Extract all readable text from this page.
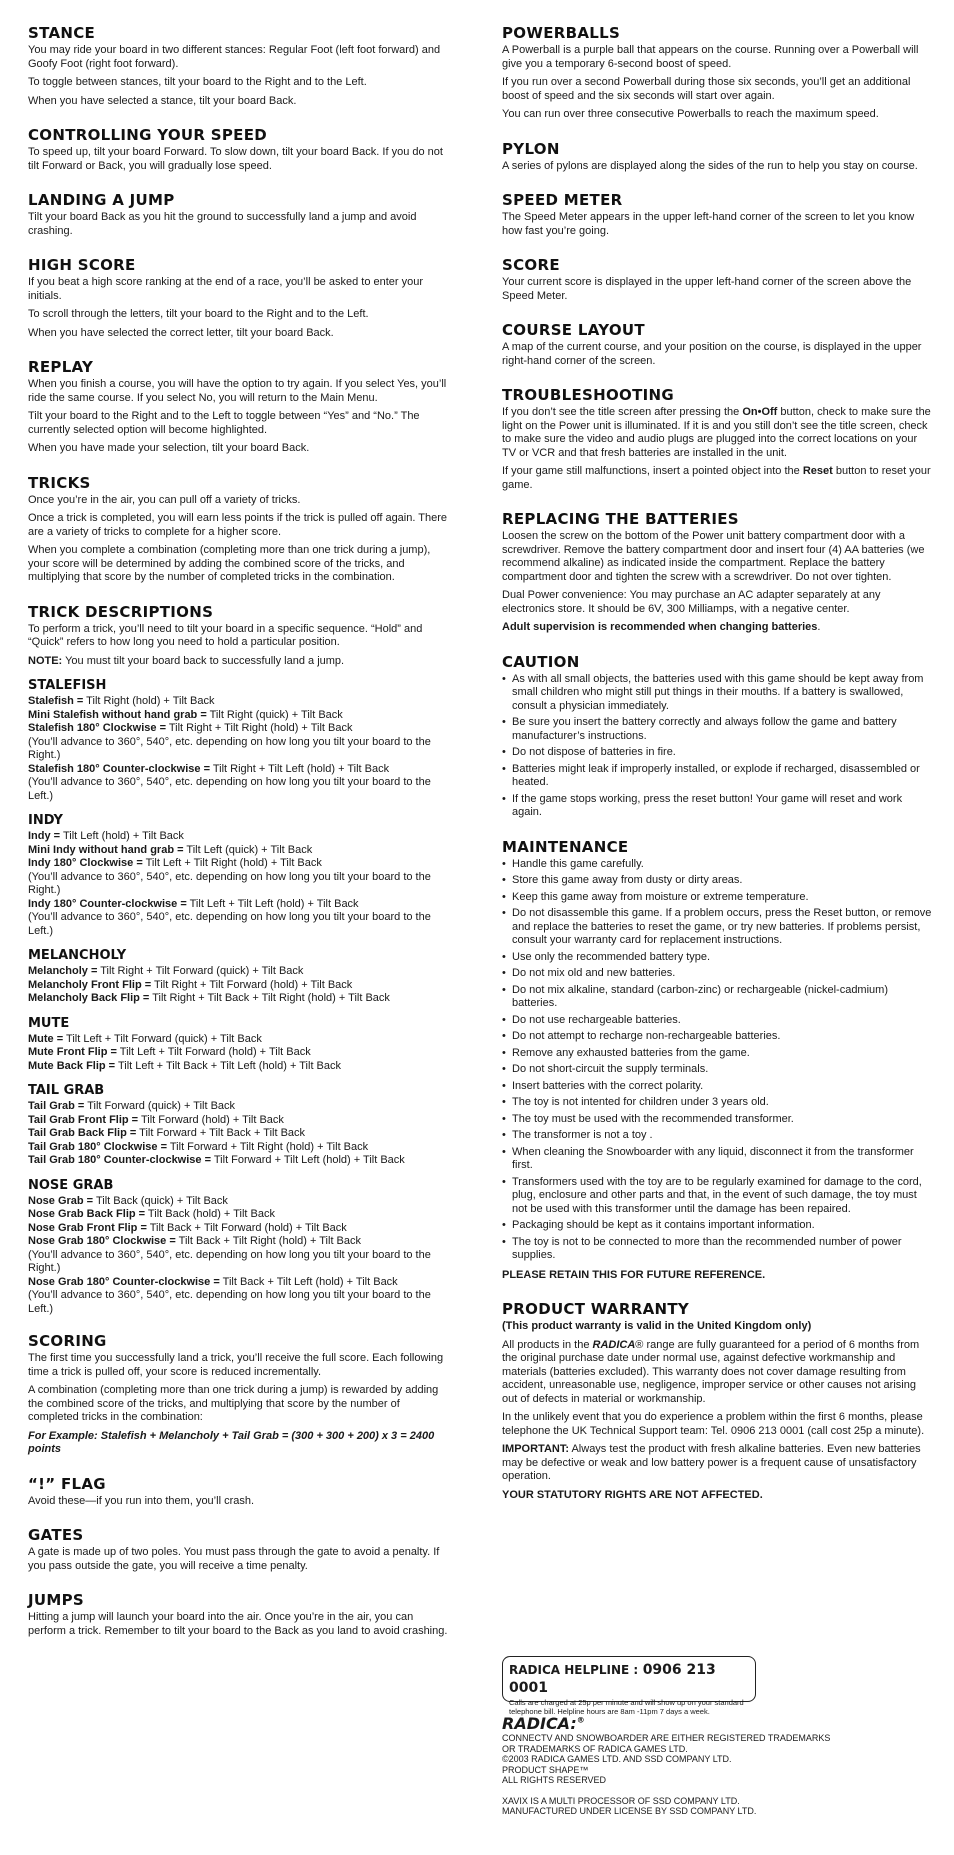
STANCE

You may ride your board in two different stances: Regular Foot (left foot forward) and Goofy Foot (right foot forward).

To toggle between stances, tilt your board to the Right and to the Left.

When you have selected a stance, tilt your board Back.

CONTROLLING YOUR SPEED

To speed up, tilt your board Forward. To slow down, tilt your board Back. If you do not tilt Forward or Back, you will gradually lose speed.

LANDING A JUMP

Tilt your board Back as you hit the ground to successfully land a jump and avoid crashing.

HIGH SCORE

If you beat a high score ranking at the end of a race, you’ll be asked to enter your initials.

To scroll through the letters, tilt your board to the Right and to the Left.

When you have selected the correct letter, tilt your board Back.

REPLAY

When you finish a course, you will have the option to try again. If you select Yes, you’ll ride the same course. If you select No, you will return to the Main Menu.

Tilt your board to the Right and to the Left to toggle between “Yes” and “No.” The currently selected option will become highlighted.

When you have made your selection, tilt your board Back.

TRICKS

Once you’re in the air, you can pull off a variety of tricks.

Once a trick is completed, you will earn less points if the trick is pulled off again. There are a variety of tricks to complete for a higher score.

When you complete a combination (completing more than one trick during a jump), your score will be determined by adding the combined score of the tricks, and multiplying that score by the number of completed tricks in the combination.

TRICK DESCRIPTIONS

To perform a trick, you’ll need to tilt your board in a specific sequence. “Hold” and “Quick” refers to how long you need to hold a particular position.

NOTE: You must tilt your board back to successfully land a jump.

STALEFISH
Stalefish = Tilt Right (hold) + Tilt Back
Mini Stalefish without hand grab = Tilt Right (quick) + Tilt Back
Stalefish 180° Clockwise = Tilt Right + Tilt Right (hold) + Tilt Back
(You’ll advance to 360°, 540°, etc. depending on how long you tilt your board to the Right.)
Stalefish 180° Counter-clockwise = Tilt Right + Tilt Left (hold) + Tilt Back
(You’ll advance to 360°, 540°, etc. depending on how long you tilt your board to the Left.)
INDY
Indy = Tilt Left (hold) + Tilt Back
Mini Indy without hand grab = Tilt Left (quick) + Tilt Back
Indy 180° Clockwise = Tilt Left + Tilt Right (hold) + Tilt Back
(You’ll advance to 360°, 540°, etc. depending on how long you tilt your board to the Right.)
Indy 180° Counter-clockwise = Tilt Left + Tilt Left (hold) + Tilt Back
(You’ll advance to 360°, 540°, etc. depending on how long you tilt your board to the Left.)
MELANCHOLY
Melancholy = Tilt Right + Tilt Forward (quick) + Tilt Back
Melancholy Front Flip = Tilt Right + Tilt Forward (hold) + Tilt Back
Melancholy Back Flip = Tilt Right + Tilt Back + Tilt Right (hold) + Tilt Back
MUTE
Mute = Tilt Left + Tilt Forward (quick) + Tilt Back
Mute Front Flip = Tilt Left + Tilt Forward (hold) + Tilt Back
Mute Back Flip = Tilt Left + Tilt Back + Tilt Left (hold) + Tilt Back
TAIL GRAB
Tail Grab = Tilt Forward (quick) + Tilt Back
Tail Grab Front Flip = Tilt Forward (hold) + Tilt Back
Tail Grab Back Flip = Tilt Forward + Tilt Back + Tilt Back
Tail Grab 180° Clockwise = Tilt Forward + Tilt Right (hold) + Tilt Back
Tail Grab 180° Counter-clockwise = Tilt Forward + Tilt Left (hold) + Tilt Back
NOSE GRAB
Nose Grab = Tilt Back (quick) + Tilt Back
Nose Grab Back Flip = Tilt Back (hold) + Tilt Back
Nose Grab Front Flip = Tilt Back + Tilt Forward (hold) + Tilt Back
Nose Grab 180° Clockwise = Tilt Back + Tilt Right (hold) + Tilt Back
(You’ll advance to 360°, 540°, etc. depending on how long you tilt your board to the Right.)
Nose Grab 180° Counter-clockwise = Tilt Back + Tilt Left (hold) + Tilt Back
(You’ll advance to 360°, 540°, etc. depending on how long you tilt your board to the Left.)
SCORING

The first time you successfully land a trick, you’ll receive the full score. Each following time a trick is pulled off, your score is reduced incrementally.

A combination (completing more than one trick during a jump) is rewarded by adding the combined score of the tricks, and multiplying that score by the number of completed tricks in the combination:

For Example: Stalefish + Melancholy + Tail Grab = (300 + 300 + 200) x 3 = 2400 points

“!” FLAG

Avoid these—if you run into them, you’ll crash.

GATES

A gate is made up of two poles. You must pass through the gate to avoid a penalty. If you pass outside the gate, you will receive a time penalty.

JUMPS

Hitting a jump will launch your board into the air. Once you’re in the air, you can perform a trick. Remember to tilt your board to the Back as you land to avoid crashing.

POWERBALLS

A Powerball is a purple ball that appears on the course. Running over a Powerball will give you a temporary 6-second boost of speed.

If you run over a second Powerball during those six seconds, you’ll get an additional boost of speed and the six seconds will start over again.

You can run over three consecutive Powerballs to reach the maximum speed.

PYLON

A series of pylons are displayed along the sides of the run to help you stay on course.

SPEED METER

The Speed Meter appears in the upper left-hand corner of the screen to let you know how fast you’re going.

SCORE

Your current score is displayed in the upper left-hand corner of the screen above the Speed Meter.

COURSE LAYOUT

A map of the current course, and your position on the course, is displayed in the upper right-hand corner of the screen.

TROUBLESHOOTING

If you don’t see the title screen after pressing the On•Off button, check to make sure the light on the Power unit is illuminated. If it is and you still don’t see the title screen, check to make sure the video and audio plugs are plugged into the correct locations on your TV or VCR and that fresh batteries are installed in the unit.

If your game still malfunctions, insert a pointed object into the Reset button to reset your game.

REPLACING THE BATTERIES

Loosen the screw on the bottom of the Power unit battery compartment door with a screwdriver. Remove the battery compartment door and insert four (4) AA batteries (we recommend alkaline) as indicated inside the compartment. Replace the battery compartment door and tighten the screw with a screwdriver. Do not over tighten.

Dual Power convenience: You may purchase an AC adapter separately at any electronics store. It should be 6V, 300 Milliamps, with a negative center.

Adult supervision is recommended when changing batteries.

CAUTION
• As with all small objects, the batteries used with this game should be kept away from small children who might still put things in their mouths. If a battery is swallowed, consult a physician immediately.
• Be sure you insert the battery correctly and always follow the game and battery manufacturer’s instructions.
• Do not dispose of batteries in fire.
• Batteries might leak if improperly installed, or explode if recharged, disassembled or heated.
• If the game stops working, press the reset button! Your game will reset and work again.
MAINTENANCE
• Handle this game carefully.
• Store this game away from dusty or dirty areas.
• Keep this game away from moisture or extreme temperature.
• Do not disassemble this game. If a problem occurs, press the Reset button, or remove and replace the batteries to reset the game, or try new batteries. If problems persist, consult your warranty card for replacement instructions.
• Use only the recommended battery type.
• Do not mix old and new batteries.
• Do not mix alkaline, standard (carbon-zinc) or rechargeable (nickel-cadmium) batteries.
• Do not use rechargeable batteries.
• Do not attempt to recharge non-rechargeable batteries.
• Remove any exhausted batteries from the game.
• Do not short-circuit the supply terminals.
• Insert batteries with the correct polarity.
• The toy is not intented for children under 3 years old.
• The toy must be used with the recommended transformer.
• The transformer is not a toy .
• When cleaning the Snowboarder with any liquid, disconnect it from the transformer first.
• Transformers used with the toy are to be regularly examined for damage to the cord, plug, enclosure and other parts and that, in the event of such damage, the toy must not be used with this transformer until the damage has been repaired.
• Packaging should be kept as it contains important information.
• The toy is not to be connected to more than the recommended number of power supplies.

PLEASE RETAIN THIS FOR FUTURE REFERENCE.

PRODUCT WARRANTY

(This product warranty is valid in the United Kingdom only)

All products in the RADICA® range are fully guaranteed for a period of 6 months from the original purchase date under normal use, against defective workmanship and materials (batteries excluded). This warranty does not cover damage resulting from accident, unreasonable use, negligence, improper service or other causes not arising out of defects in material or workmanship.

In the unlikely event that you do experience a problem within the first 6 months, please telephone the UK Technical Support team: Tel. 0906 213 0001 (call cost 25p a minute).

IMPORTANT: Always test the product with fresh alkaline batteries. Even new batteries may be defective or weak and low battery power is a frequent cause of unsatisfactory operation.

YOUR STATUTORY RIGHTS ARE NOT AFFECTED.

RADICA HELPLINE : 0906 213 0001
Calls are charged at 25p per minute and will show up on your standard telephone bill. Helpline hours are 8am -11pm 7 days a week.
RADICA:®

CONNECTV AND SNOWBOARDER ARE EITHER REGISTERED TRADEMARKS

OR TRADEMARKS OF RADICA GAMES LTD.

©2003 RADICA GAMES LTD. AND SSD COMPANY LTD.

PRODUCT SHAPE™

ALL RIGHTS RESERVED

XAVIX IS A MULTI PROCESSOR OF SSD COMPANY LTD.

MANUFACTURED UNDER LICENSE BY SSD COMPANY LTD.
